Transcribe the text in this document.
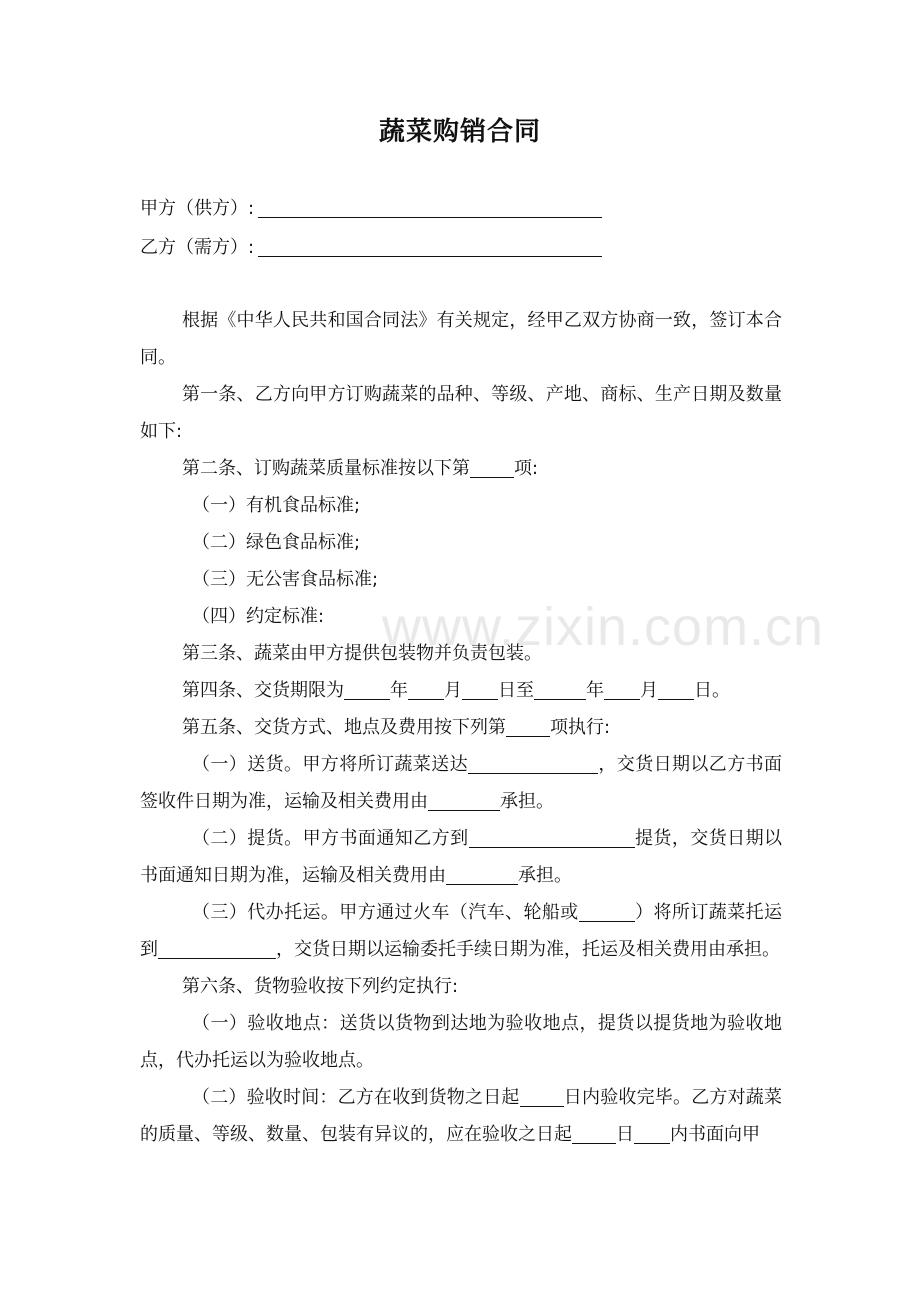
蔬菜购销合同
甲方（供方）:
乙方（需方）:

根据《中华人民共和国合同法》有关规定，经甲乙双方协商一致，签订本合同。

第一条、乙方向甲方订购蔬菜的品种、等级、产地、商标、生产日期及数量如下:

第二条、订购蔬菜质量标准按以下第 项:

（一）有机食品标准;

（二）绿色食品标准;

（三）无公害食品标准;

（四）约定标准:

第三条、蔬菜由甲方提供包装物并负责包装。

第四条、交货期限为	年 月 日至	年 月 日。

第五条、交货方式、地点及费用按下列第 项执行:

（一）送货。甲方将所订蔬菜送达	，交货日期以乙方书面签收件日期为准，运输及相关费用由	承担。

（二）提货。甲方书面通知乙方到	提货，交货日期以书面通知日期为准，运输及相关费用由	承担。

（三）代办托运。甲方通过火车（汽车、轮船或	）将所订蔬菜托运到	，交货日期以运输委托手续日期为准，托运及相关费用由承担。

第六条、货物验收按下列约定执行:

（一）验收地点：送货以货物到达地为验收地点，提货以提货地为验收地点，代办托运以为验收地点。

（二）验收时间：乙方在收到货物之日起 日内验收完毕。乙方对蔬菜的质量、等级、数量、包装有异议的，应在验收之日起 日 内书面向甲

www.zixin.com.cn
